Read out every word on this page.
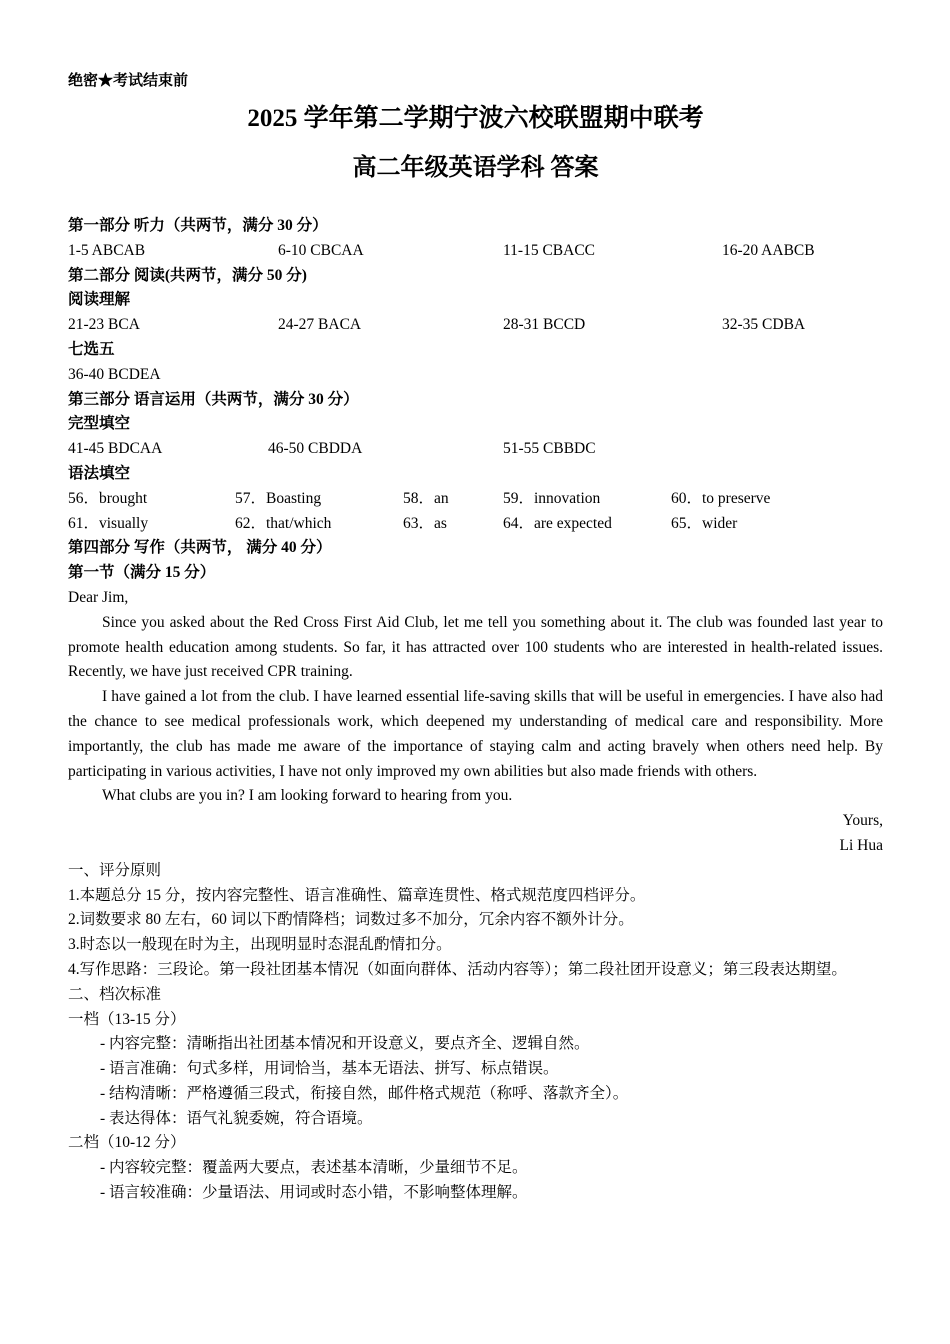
绝密★考试结束前
2025 学年第二学期宁波六校联盟期中联考
高二年级英语学科 答案
第一部分 听力（共两节，满分 30 分）
1-5 ABCAB	6-10 CBCAA	11-15 CBACC	16-20 AABCB
第二部分 阅读(共两节，满分 50 分)
阅读理解
21-23 BCA	24-27 BACA	28-31 BCCD	32-35 CDBA
七选五
36-40 BCDEA
第三部分 语言运用（共两节，满分 30 分）
完型填空
41-45 BDCAA	46-50 CBDDA	51-55 CBBDC
语法填空
56．brought	57．Boasting	58．an	59．innovation	60．to preserve
61．visually	62．that/which	63．as	64．are expected	65．wider
第四部分 写作（共两节， 满分 40 分）
第一节（满分 15 分）
Dear Jim,

Since you asked about the Red Cross First Aid Club, let me tell you something about it. The club was founded last year to promote health education among students. So far, it has attracted over 100 students who are interested in health-related issues. Recently, we have just received CPR training.

I have gained a lot from the club. I have learned essential life-saving skills that will be useful in emergencies. I have also had the chance to see medical professionals work, which deepened my understanding of medical care and responsibility. More importantly, the club has made me aware of the importance of staying calm and acting bravely when others need help. By participating in various activities, I have not only improved my own abilities but also made friends with others.

What clubs are you in? I am looking forward to hearing from you.

Yours,
Li Hua
一、评分原则
1.本题总分 15 分，按内容完整性、语言准确性、篇章连贯性、格式规范度四档评分。
2.词数要求 80 左右，60 词以下酌情降档；词数过多不加分，冗余内容不额外计分。
3.时态以一般现在时为主，出现明显时态混乱酌情扣分。
4.写作思路：三段论。第一段社团基本情况（如面向群体、活动内容等）；第二段社团开设意义；第三段表达期望。
二、档次标准
一档（13-15 分）
- 内容完整：清晰指出社团基本情况和开设意义，要点齐全、逻辑自然。
- 语言准确：句式多样，用词恰当，基本无语法、拼写、标点错误。
- 结构清晰：严格遵循三段式，衔接自然，邮件格式规范（称呼、落款齐全）。
- 表达得体：语气礼貌委婉，符合语境。
二档（10-12 分）
- 内容较完整：覆盖两大要点，表述基本清晰，少量细节不足。
- 语言较准确：少量语法、用词或时态小错，不影响整体理解。
